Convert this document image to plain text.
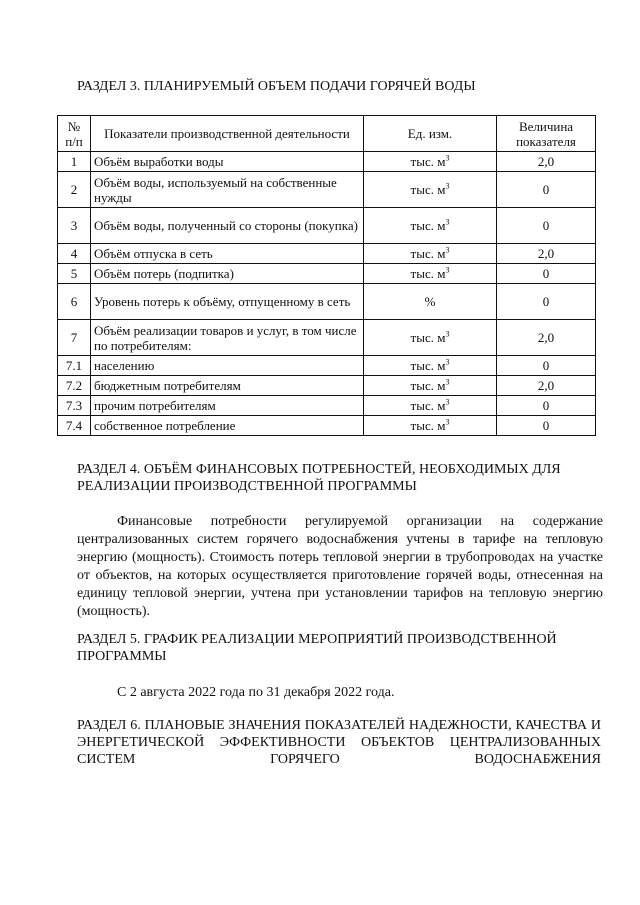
РАЗДЕЛ 3. ПЛАНИРУЕМЫЙ ОБЪЕМ ПОДАЧИ ГОРЯЧЕЙ ВОДЫ
№ п/п	Показатели производственной деятельности	Ед. изм.	Величина показателя
1	Объём выработки воды	тыс. $м^3$	2,0
2	Объём воды, используемый на собственные нужды	тыс. $м^3$	0
3	Объём воды, полученный со стороны (покупка)	тыс. $м^3$	0
4	Объём отпуска в сеть	тыс. $м^3$	2,0
5	Объём потерь (подпитка)	тыс. $м^3$	0
6	Уровень потерь к объёму, отпущенному в сеть	%	0
7	Объём реализации товаров и услуг, в том числе по потребителям:	тыс. $м^3$	2,0
7.1	населению	тыс. $м^3$	0
7.2	бюджетным потребителям	тыс. $м^3$	2,0
7.3	прочим потребителям	тыс. $м^3$	0
7.4	собственное потребление	тыс. $м^3$	0
РАЗДЕЛ 4. ОБЪЁМ ФИНАНСОВЫХ ПОТРЕБНОСТЕЙ, НЕОБХОДИМЫХ ДЛЯ РЕАЛИЗАЦИИ ПРОИЗВОДСТВЕННОЙ ПРОГРАММЫ

Финансовые потребности регулируемой организации на содержание централизованных систем горячего водоснабжения учтены в тарифе на тепловую энергию (мощность). Стоимость потерь тепловой энергии в трубопроводах на участке от объектов, на которых осуществляется приготовление горячей воды, отнесенная на единицу тепловой энергии, учтена при установлении тарифов на тепловую энергию (мощность).

РАЗДЕЛ 5. ГРАФИК РЕАЛИЗАЦИИ МЕРОПРИЯТИЙ ПРОИЗВОДСТВЕННОЙ ПРОГРАММЫ

С 2 августа 2022 года по 31 декабря 2022 года.

РАЗДЕЛ 6. ПЛАНОВЫЕ ЗНАЧЕНИЯ ПОКАЗАТЕЛЕЙ НАДЕЖНОСТИ, КАЧЕСТВА И ЭНЕРГЕТИЧЕСКОЙ ЭФФЕКТИВНОСТИ ОБЪЕКТОВ ЦЕНТРАЛИЗОВАННЫХ СИСТЕМ ГОРЯЧЕГО ВОДОСНАБЖЕНИЯ
